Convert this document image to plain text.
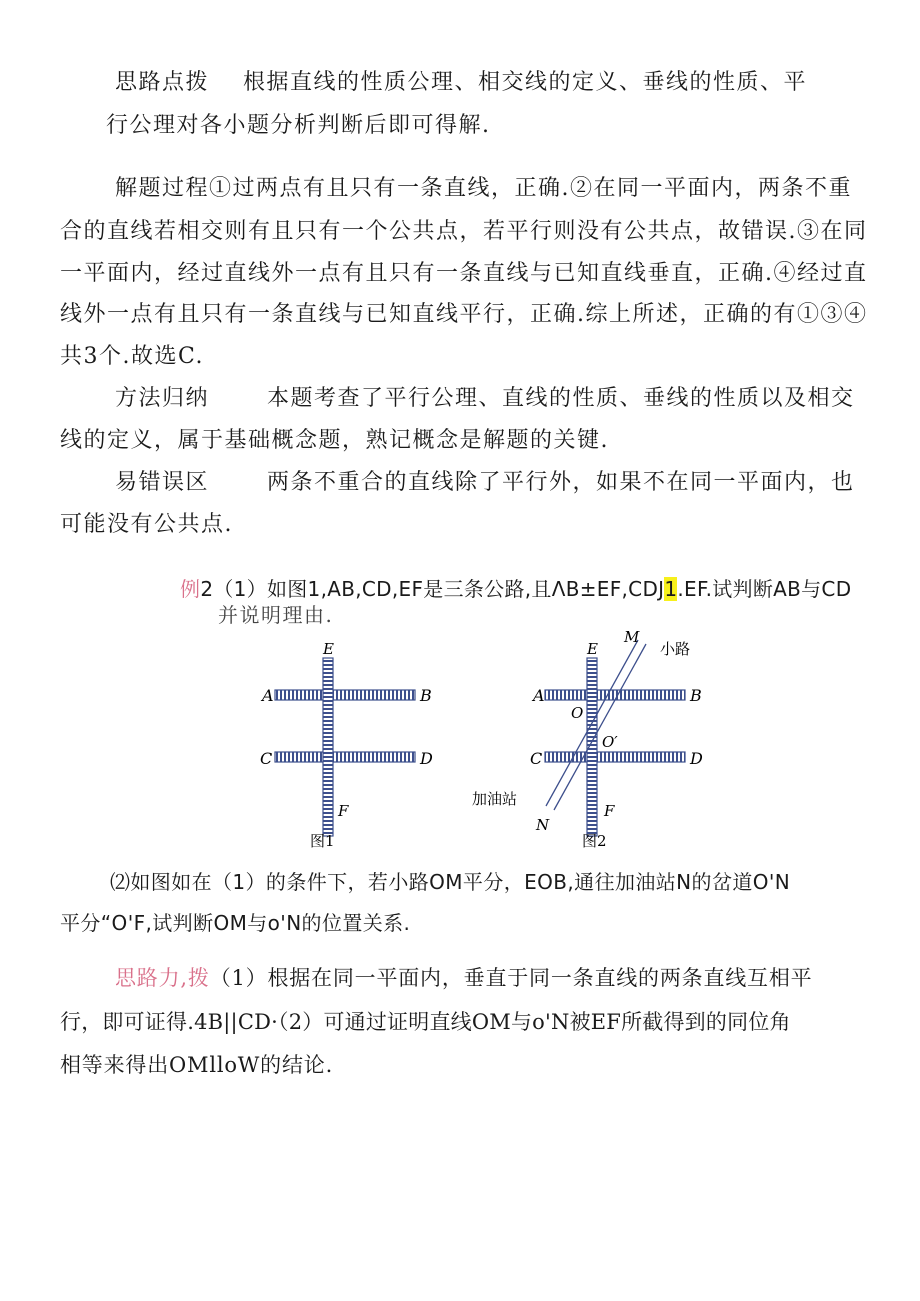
思路点拨 根据直线的性质公理、相交线的定义、垂线的性质、平
行公理对各小题分析判断后即可得解.
解题过程①过两点有且只有一条直线，正确.②在同一平面内，两条不重
合的直线若相交则有且只有一个公共点，若平行则没有公共点，故错误.③在同
一平面内，经过直线外一点有且只有一条直线与已知直线垂直，正确.④经过直
线外一点有且只有一条直线与已知直线平行，正确.综上所述，正确的有①③④
共3个.故选C.
方法归纳	本题考查了平行公理、直线的性质、垂线的性质以及相交
线的定义，属于基础概念题，熟记概念是解题的关键.
易错误区	两条不重合的直线除了平行外，如果不在同一平面内，也
可能没有公共点.
例2（1）如图1,AB,CD,EF是三条公路,且ΛB±EF,CDJ1.EF.试判断AB与CD
并说明理由.
A	B
C	D
E
F
图1
A	B
C	D
E
F
M
N
O
O′
小路
加油站
图2
⑵如图如在（1）的条件下，若小路OM平分，EOB,通往加油站N的岔道O'N
平分“O'F,试判断OM与o'N的位置关系.
思路力,拨（1）根据在同一平面内，垂直于同一条直线的两条直线互相平
行，即可证得.4B||CD·（2）可通过证明直线OM与o'N被EF所截得到的同位角
相等来得出OMlloW的结论.
